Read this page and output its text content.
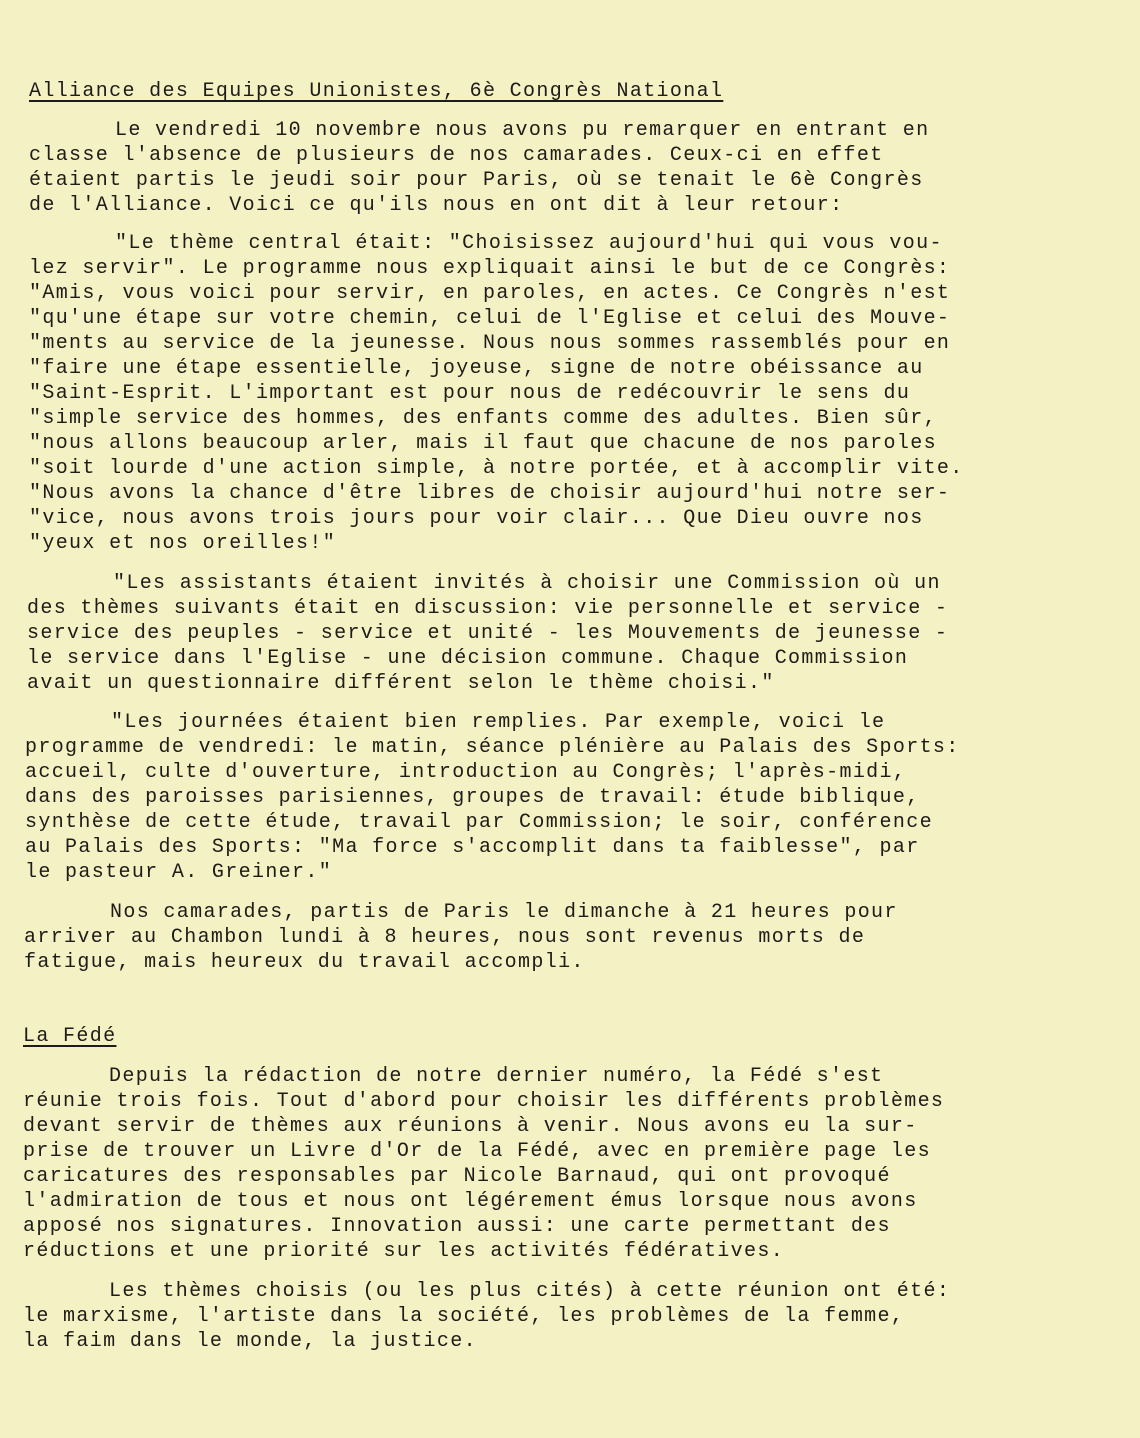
Alliance des Equipes Unionistes, 6è Congrès National
Le vendredi 10 novembre nous avons pu remarquer en entrant en
classe l'absence de plusieurs de nos camarades. Ceux-ci en effet
étaient partis le jeudi soir pour Paris, où se tenait le 6è Congrès
de l'Alliance. Voici ce qu'ils nous en ont dit à leur retour:
"Le thème central était: "Choisissez aujourd'hui qui vous vou-
lez servir". Le programme nous expliquait ainsi le but de ce Congrès:
"Amis, vous voici pour servir, en paroles, en actes. Ce Congrès n'est
"qu'une étape sur votre chemin, celui de l'Eglise et celui des Mouve-
"ments au service de la jeunesse. Nous nous sommes rassemblés pour en
"faire une étape essentielle, joyeuse, signe de notre obéissance au
"Saint-Esprit. L'important est pour nous de redécouvrir le sens du
"simple service des hommes, des enfants comme des adultes. Bien sûr,
"nous allons beaucoup arler, mais il faut que chacune de nos paroles
"soit lourde d'une action simple, à notre portée, et à accomplir vite.
"Nous avons la chance d'être libres de choisir aujourd'hui notre ser-
"vice, nous avons trois jours pour voir clair... Que Dieu ouvre nos
"yeux et nos oreilles!"
"Les assistants étaient invités à choisir une Commission où un
des thèmes suivants était en discussion: vie personnelle et service -
service des peuples - service et unité - les Mouvements de jeunesse -
le service dans l'Eglise - une décision commune. Chaque Commission
avait un questionnaire différent selon le thème choisi."
"Les journées étaient bien remplies. Par exemple, voici le
programme de vendredi: le matin, séance plénière au Palais des Sports:
accueil, culte d'ouverture, introduction au Congrès; l'après-midi,
dans des paroisses parisiennes, groupes de travail: étude biblique,
synthèse de cette étude, travail par Commission; le soir, conférence
au Palais des Sports: "Ma force s'accomplit dans ta faiblesse", par
le pasteur A. Greiner."
Nos camarades, partis de Paris le dimanche à 21 heures pour
arriver au Chambon lundi à 8 heures, nous sont revenus morts de
fatigue, mais heureux du travail accompli.
La Fédé
Depuis la rédaction de notre dernier numéro, la Fédé s'est
réunie trois fois. Tout d'abord pour choisir les différents problèmes
devant servir de thèmes aux réunions à venir. Nous avons eu la sur-
prise de trouver un Livre d'Or de la Fédé, avec en première page les
caricatures des responsables par Nicole Barnaud, qui ont provoqué
l'admiration de tous et nous ont légérement émus lorsque nous avons
apposé nos signatures. Innovation aussi: une carte permettant des
réductions et une priorité sur les activités fédératives.
Les thèmes choisis (ou les plus cités) à cette réunion ont été:
le marxisme, l'artiste dans la société, les problèmes de la femme,
la faim dans le monde, la justice.
